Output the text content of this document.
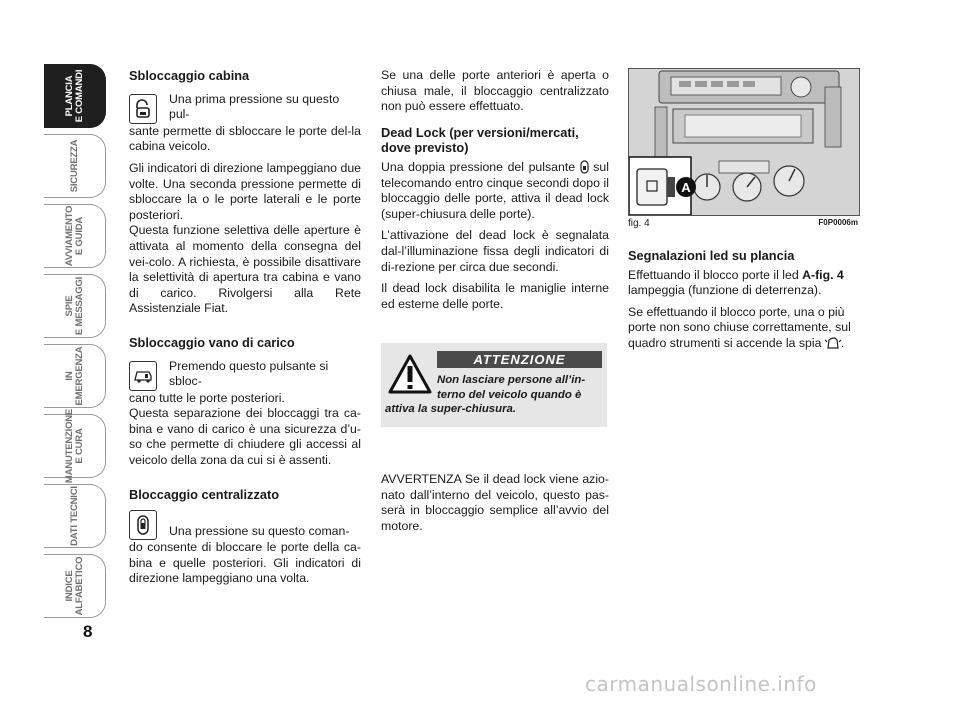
PLANCIA
E COMANDI
SICUREZZA
AVVIAMENTO
E GUIDA
SPIE
E MESSAGGI
IN
EMERGENZA
MANUTENZIONE
E CURA
DATI TECNICI
INDICE
ALFABETICO
8
Sbloccaggio cabina
Una prima pressione su questo pul-

sante permette di sbloccare le porte del-la cabina veicolo.

Gli indicatori di direzione lampeggiano due volte. Una seconda pressione permette di sbloccare la o le porte laterali e le porte posteriori.

Questa funzione selettiva delle aperture è attivata al momento della consegna del vei-colo. A richiesta, è possibile disattivare la selettività di apertura tra cabina e vano di carico. Rivolgersi alla Rete Assistenziale Fiat.

Sbloccaggio vano di carico
Premendo questo pulsante si sbloc-

cano tutte le porte posteriori.

Questa separazione dei bloccaggi tra ca-bina e vano di carico è una sicurezza d’u-so che permette di chiudere gli accessi al veicolo della zona da cui si è assenti.

Bloccaggio centralizzato
Una pressione su questo coman-

do consente di bloccare le porte della ca-bina e quelle posteriori. Gli indicatori di direzione lampeggiano una volta.

Se una delle porte anteriori è aperta o chiusa male, il bloccaggio centralizzato non può essere effettuato.

Dead Lock (per versioni/mercati, dove previsto)

Una doppia pressione del pulsante sul telecomando entro cinque secondi dopo il bloccaggio delle porte, attiva il dead lock (super-chiusura delle porte).

L’attivazione del dead lock è segnalata dal-l’illuminazione fissa degli indicatori di di-rezione per circa due secondi.

Il dead lock disabilita le maniglie interne ed esterne delle porte.

ATTENZIONE
Non lasciare persone all’in-
terno del veicolo quando è
attiva la super-chiusura.

AVVERTENZA Se il dead lock viene azio-nato dall’interno del veicolo, questo pas-serà in bloccaggio semplice all’avvio del motore.

A
fig. 4	F0P0006m
Segnalazioni led su plancia

Effettuando il blocco porte il led A-fig. 4 lampeggia (funzione di deterrenza).

Se effettuando il blocco porte, una o più porte non sono chiuse correttamente, sul quadro strumenti si accende la spia .

carmanualsonline.info
